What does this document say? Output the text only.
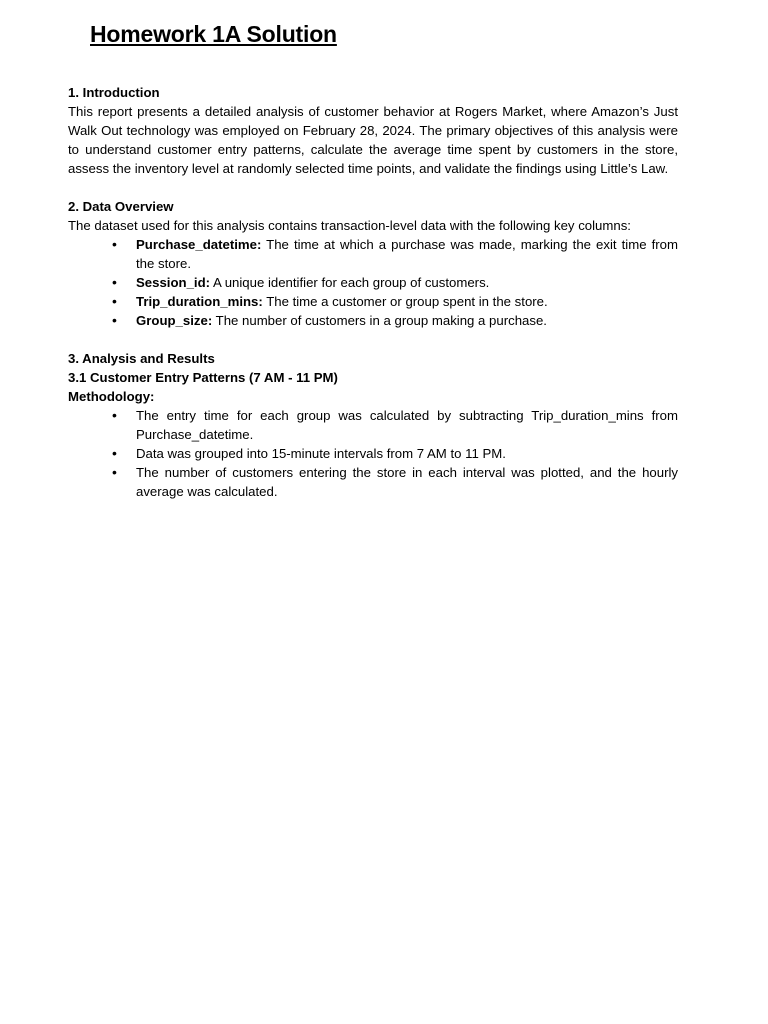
Homework 1A Solution

1. Introduction

This report presents a detailed analysis of customer behavior at Rogers Market, where Amazon’s Just Walk Out technology was employed on February 28, 2024. The primary objectives of this analysis were to understand customer entry patterns, calculate the average time spent by customers in the store, assess the inventory level at randomly selected time points, and validate the findings using Little’s Law.

2. Data Overview

The dataset used for this analysis contains transaction-level data with the following key columns:

• Purchase_datetime: The time at which a purchase was made, marking the exit time from the store.
• Session_id: A unique identifier for each group of customers.
• Trip_duration_mins: The time a customer or group spent in the store.
• Group_size: The number of customers in a group making a purchase.

3. Analysis and Results

3.1 Customer Entry Patterns (7 AM - 11 PM)

Methodology:

• The entry time for each group was calculated by subtracting Trip_duration_mins from Purchase_datetime.
• Data was grouped into 15-minute intervals from 7 AM to 11 PM.
• The number of customers entering the store in each interval was plotted, and the hourly average was calculated.
